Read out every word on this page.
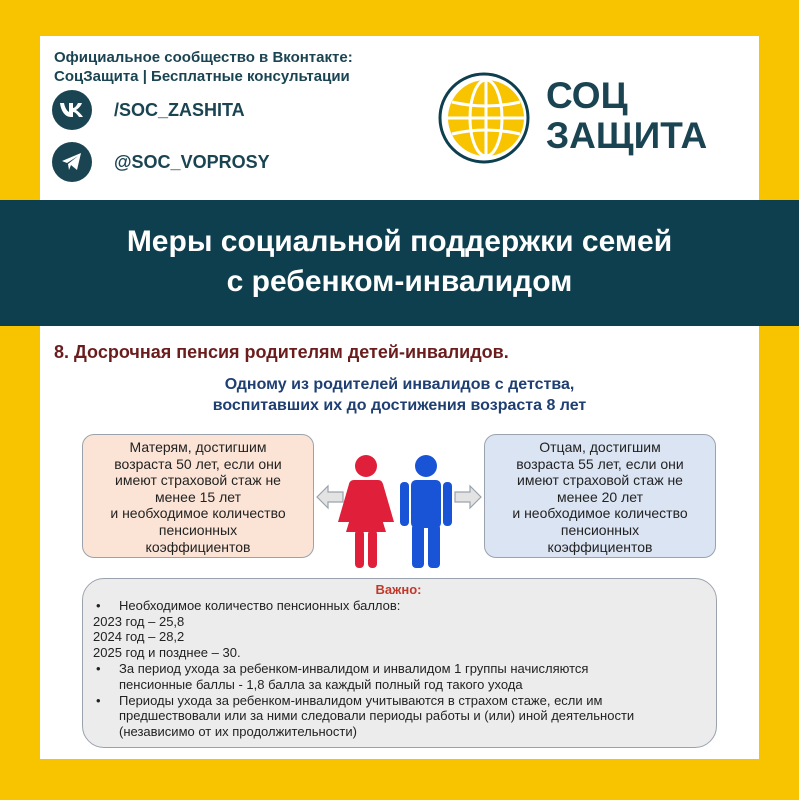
Официальное сообщество в Вконтакте:
СоцЗащита | Бесплатные консультации
/SOC_ZASHITA
@SOC_VOPROSY
СОЦ
ЗАЩИТА
Меры социальной поддержки семей
с ребенком-инвалидом
8. Досрочная пенсия родителям детей-инвалидов.
Одному из родителей инвалидов с детства,
воспитавших их до достижения возраста 8 лет
Матерям, достигшим
возраста 50 лет, если они
имеют страховой стаж не
менее 15 лет
и необходимое количество
пенсионных
коэффициентов
Отцам, достигшим
возраста 55 лет, если они
имеют страховой стаж не
менее 20 лет
и необходимое количество
пенсионных
коэффициентов
Важно:
• Необходимое количество пенсионных баллов:
2023 год – 25,8
2024 год – 28,2
2025 год и позднее – 30.
• За период ухода за ребенком-инвалидом и инвалидом 1 группы начисляются
пенсионные баллы - 1,8 балла за каждый полный год такого ухода
• Периоды ухода за ребенком-инвалидом учитываются в страхом стаже, если им
предшествовали или за ними следовали периоды работы и (или) иной деятельности
(независимо от их продолжительности)
